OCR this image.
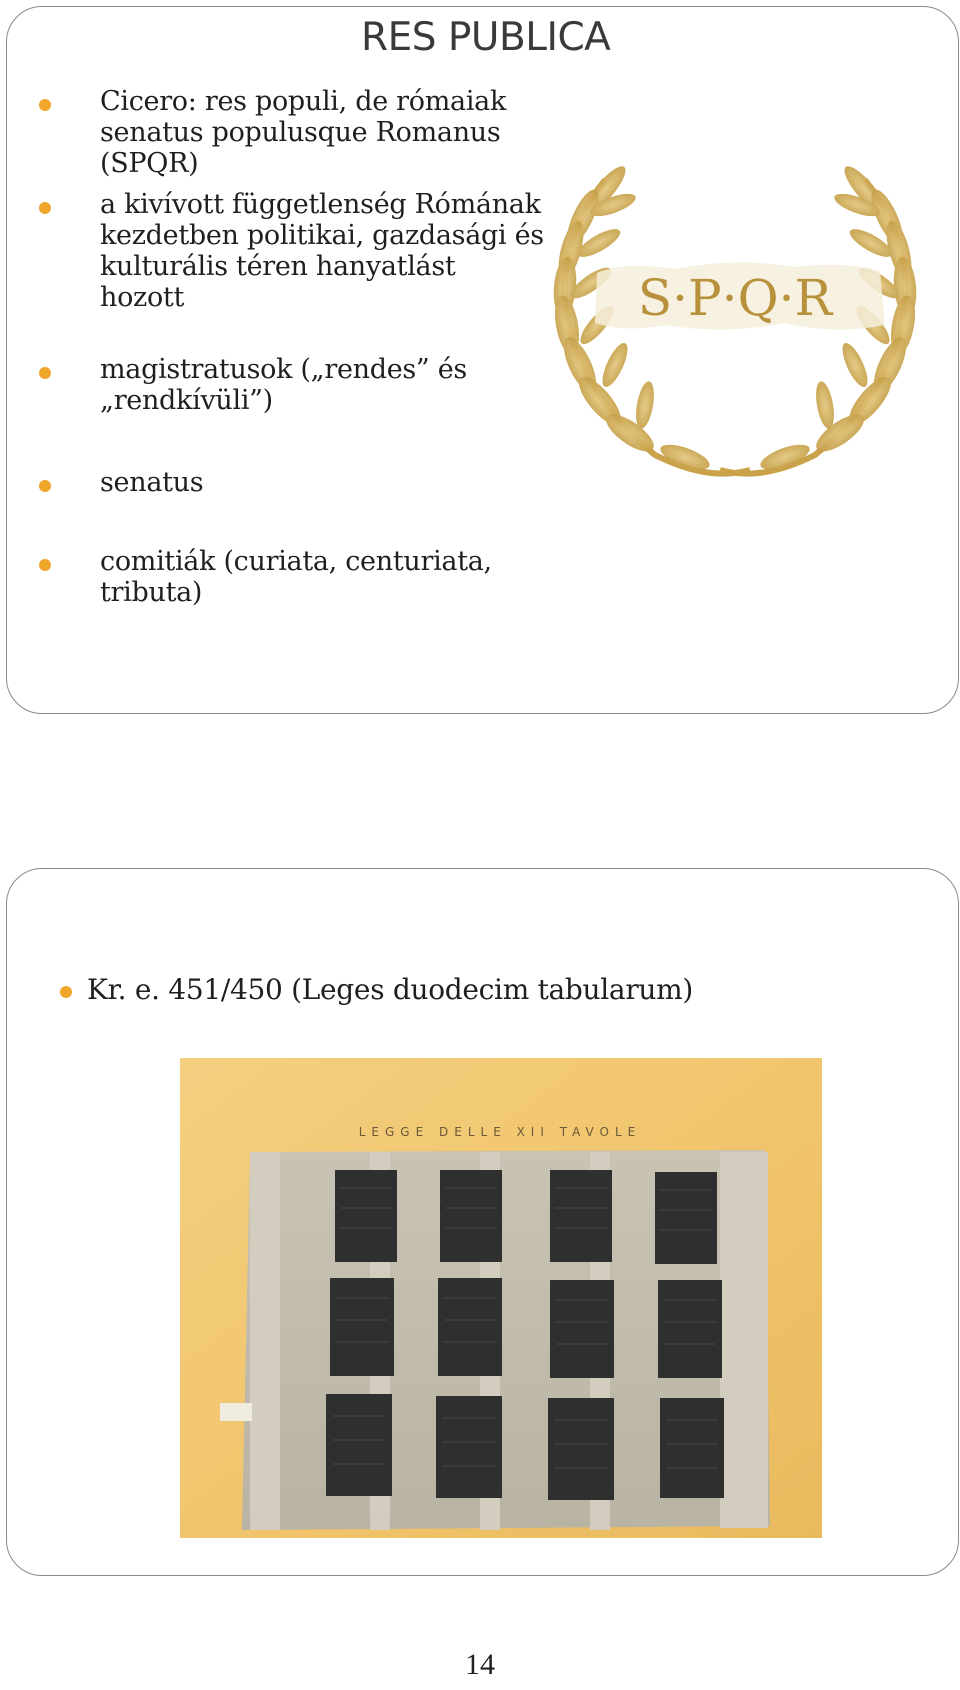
RES PUBLICA
Cicero: res populi, de rómaiak
senatus populusque Romanus
(SPQR)
a kivívott függetlenség Rómának
kezdetben politikai, gazdasági és
kulturális téren hanyatlást
hozott
magistratusok („rendes” és
„rendkívüli”)
senatus
comitiák (curiata, centuriata,
tributa)
S·P·Q·R
Kr. e. 451/450 (Leges duodecim tabularum)
LEGGE DELLE XII TAVOLE
14
